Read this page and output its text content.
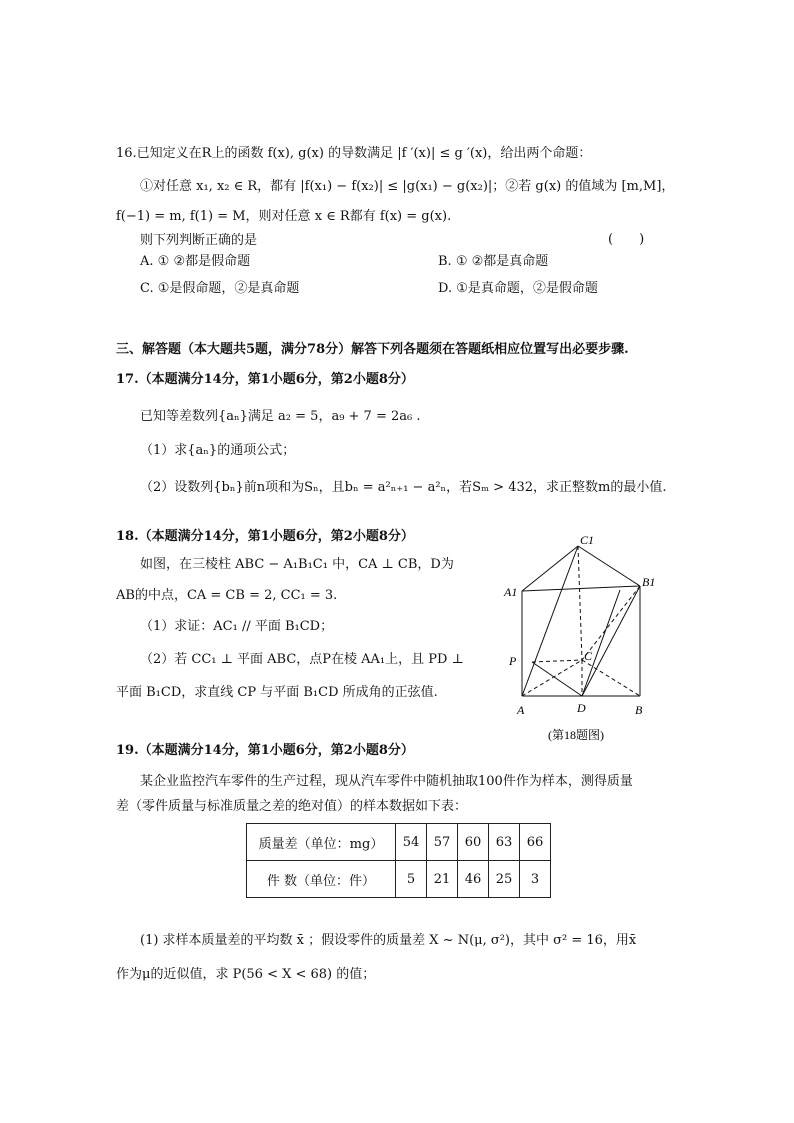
16.已知定义在R上的函数 f(x), g(x) 的导数满足 |f ′(x)| ≤ g ′(x)，给出两个命题：
①对任意 x₁, x₂ ∈ R，都有 |f(x₁) − f(x₂)| ≤ |g(x₁) − g(x₂)|；②若 g(x) 的值域为 [m,M]，
f(−1) = m, f(1) = M，则对任意 x ∈ R都有 f(x) = g(x).
则下列判断正确的是	(　　)
A. ① ②都是假命题	B. ① ②都是真命题
C. ①是假命题，②是真命题	D. ①是真命题，②是假命题
三、解答题（本大题共5题，满分78分）解答下列各题须在答题纸相应位置写出必要步骤.
17.（本题满分14分，第1小题6分，第2小题8分）
已知等差数列{aₙ}满足 a₂ = 5，a₉ + 7 = 2a₆ .
（1）求{aₙ}的通项公式；
（2）设数列{bₙ}前n项和为Sₙ，且bₙ = a²ₙ₊₁ − a²ₙ，若Sₘ > 432，求正整数m的最小值.
18.（本题满分14分，第1小题6分，第2小题8分）
如图，在三棱柱 ABC − A₁B₁C₁ 中，CA ⊥ CB，D为
AB的中点，CA = CB = 2, CC₁ = 3.
（1）求证：AC₁ // 平面 B₁CD；
（2）若 CC₁ ⊥ 平面 ABC，点P在棱 AA₁上，且 PD ⊥
平面 B₁CD，求直线 CP 与平面 B₁CD 所成角的正弦值.
C1
A1
B1
P	C
A	D	B
(第18题图)
19.（本题满分14分，第1小题6分，第2小题8分）
某企业监控汽车零件的生产过程，现从汽车零件中随机抽取100件作为样本，测得质量
差（零件质量与标准质量之差的绝对值）的样本数据如下表：
质量差（单位：mg）	54	57	60	63	66
件 数（单位：件）	5	21	46	25	3
(1) 求样本质量差的平均数 x̄ ；假设零件的质量差 X ~ N(μ, σ²)，其中 σ² = 16，用x̄
作为μ的近似值，求 P(56 < X < 68) 的值；
